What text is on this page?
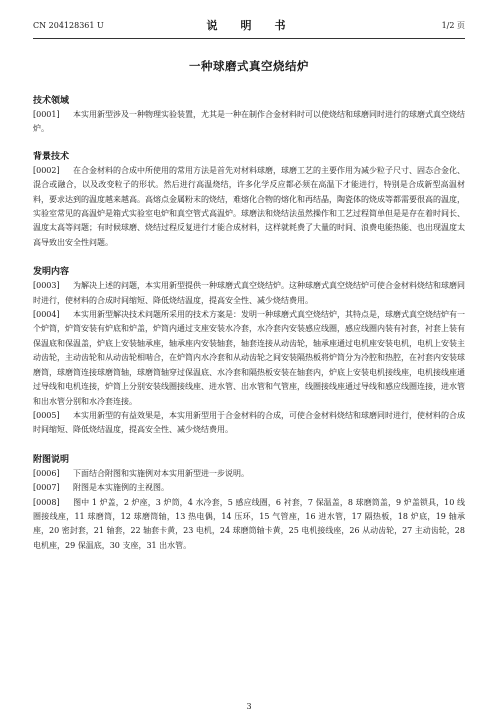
CN 204128361 U	说　明　书	1/2 页
一种球磨式真空烧结炉
技术领域
[0001] 本实用新型涉及一种物理实验装置，尤其是一种在制作合金材料时可以使烧结和球磨同时进行的球磨式真空烧结炉。
背景技术
[0002] 在合金材料的合成中所使用的常用方法是首先对材料球磨，球磨工艺的主要作用为减少粒子尺寸、固态合金化、混合或融合，以及改变粒子的形状。然后进行高温烧结，许多化学反应都必须在高温下才能进行，特别是合成新型高温材料，要求达到的温度越来越高。高熔点金属粉末的烧结，难熔化合物的熔化和再结晶，陶瓷体的烧成等都需要很高的温度，实验室常见的高温炉是箱式实验室电炉和真空管式高温炉。球磨法和烧结法虽然操作和工艺过程简单但是是存在着时间长、温度太高等问题；有时候球磨、烧结过程反复进行才能合成材料，这样就耗费了大量的时间、浪费电能热能、也出现温度太高导致出安全性问题。
发明内容
[0003] 为解决上述的问题，本实用新型提供一种球磨式真空烧结炉。这种球磨式真空烧结炉可使合金材料烧结和球磨同时进行，使材料的合成时间缩短、降低烧结温度，提高安全性、减少烧结费用。
[0004] 本实用新型解决技术问题所采用的技术方案是：发明一种球磨式真空烧结炉，其特点是，球磨式真空烧结炉有一个炉筒，炉筒安装有炉底和炉盖，炉筒内通过支座安装水冷套，水冷套内安装感应线圈，感应线圈内装有衬套，衬套上装有保温底和保温盖，炉底上安装轴承座，轴承座内安装轴套，轴套连接从动齿轮，轴承座通过电机座安装电机，电机上安装主动齿轮，主动齿轮和从动齿轮相啮合，在炉筒内水冷套和从动齿轮之间安装隔热板将炉筒分为冷腔和热腔，在衬套内安装球磨筒，球磨筒连接球磨筒轴，球磨筒轴穿过保温底、水冷套和隔热板安装在轴套内，炉底上安装电机接线座，电机接线座通过导线和电机连接，炉筒上分别安装线圈接线座、进水管、出水管和气管座，线圈接线座通过导线和感应线圈连接，进水管和出水管分别和水冷套连接。
[0005] 本实用新型的有益效果是，本实用新型用于合金材料的合成，可使合金材料烧结和球磨同时进行，使材料的合成时间缩短、降低烧结温度，提高安全性、减少烧结费用。
附图说明
[0006] 下面结合附图和实施例对本实用新型进一步说明。
[0007] 附图是本实施例的主视图。
[0008] 图中 1 炉盖，2 炉座，3 炉筒，4 水冷套，5 感应线圈，6 衬套，7 保温盖，8 球磨筒盖，9 炉盖锁具，10 线圈接线座，11 球磨筒，12 球磨筒轴，13 热电偶，14 压环，15 气管座，16 进水管，17 隔热板，18 炉底，19 轴承座，20 密封套，21 轴套，22 轴套卡黄，23 电机，24 球磨筒轴卡黄，25 电机接线座，26 从动齿轮，27 主动齿轮，28 电机座，29 保温底，30 支座，31 出水管。
3
